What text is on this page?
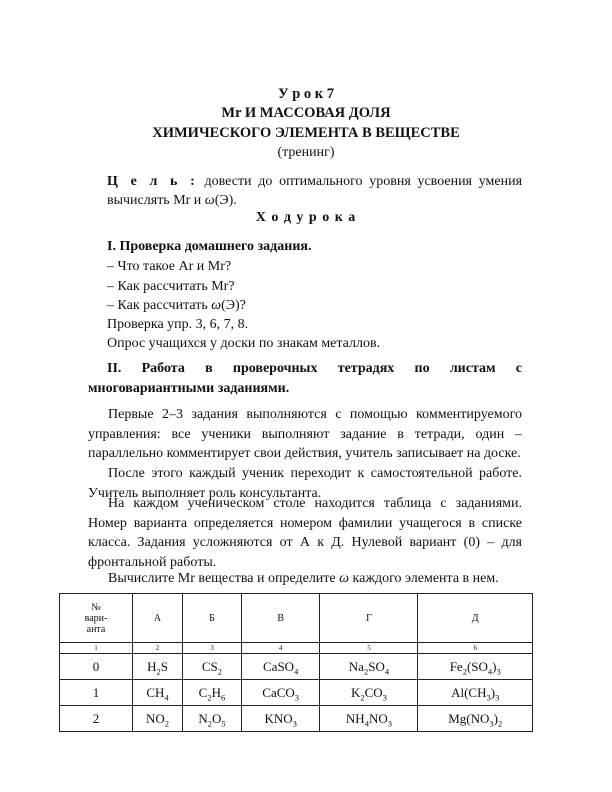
У р о к 7
Mr И МАССОВАЯ ДОЛЯ
ХИМИЧЕСКОГО ЭЛЕМЕНТА В ВЕЩЕСТВЕ
(тренинг)
Ц е л ь : довести до оптимального уровня усвоения умения
вычислять Mr и ω(Э).
Х о д у р о к а
I. Проверка домашнего задания.
– Что такое Ar и Mr?
– Как рассчитать Mr?
– Как рассчитать ω(Э)?
Проверка упр. 3, 6, 7, 8.
Опрос учащихся у доски по знакам металлов.
II. Работа в проверочных тетрадях по листам с
многовариантными заданиями.
Первые 2–3 задания выполняются с помощью комментируемого управления: все ученики выполняют задание в тетради, один – параллельно комментирует свои действия, учитель записывает на доске.
После этого каждый ученик переходит к самостоятельной работе. Учитель выполняет роль консультанта.
На каждом ученическом столе находится таблица с заданиями. Номер варианта определяется номером фамилии учащегося в списке класса. Задания усложняются от А к Д. Нулевой вариант (0) – для фронтальной работы.
Вычислите Mr вещества и определите ω каждого элемента в нем.
№
вари-
анта	А	Б	В	Г	Д
1	2	3	4	5	6
0	$H_2S$	$CS_2$	CaSO$_4$	$Na_2SO_4$	$Fe_2(SO_4)_3$
1	$CH_4$	$C_2H_6$	CaCO$_3$	$K_2CO_3$	$Al(CH_3)_3$
2	$NO_2$	$N_2O_5$	$KNO_3$	$NH_4NO_3$	$Mg(NO_3)_2$
